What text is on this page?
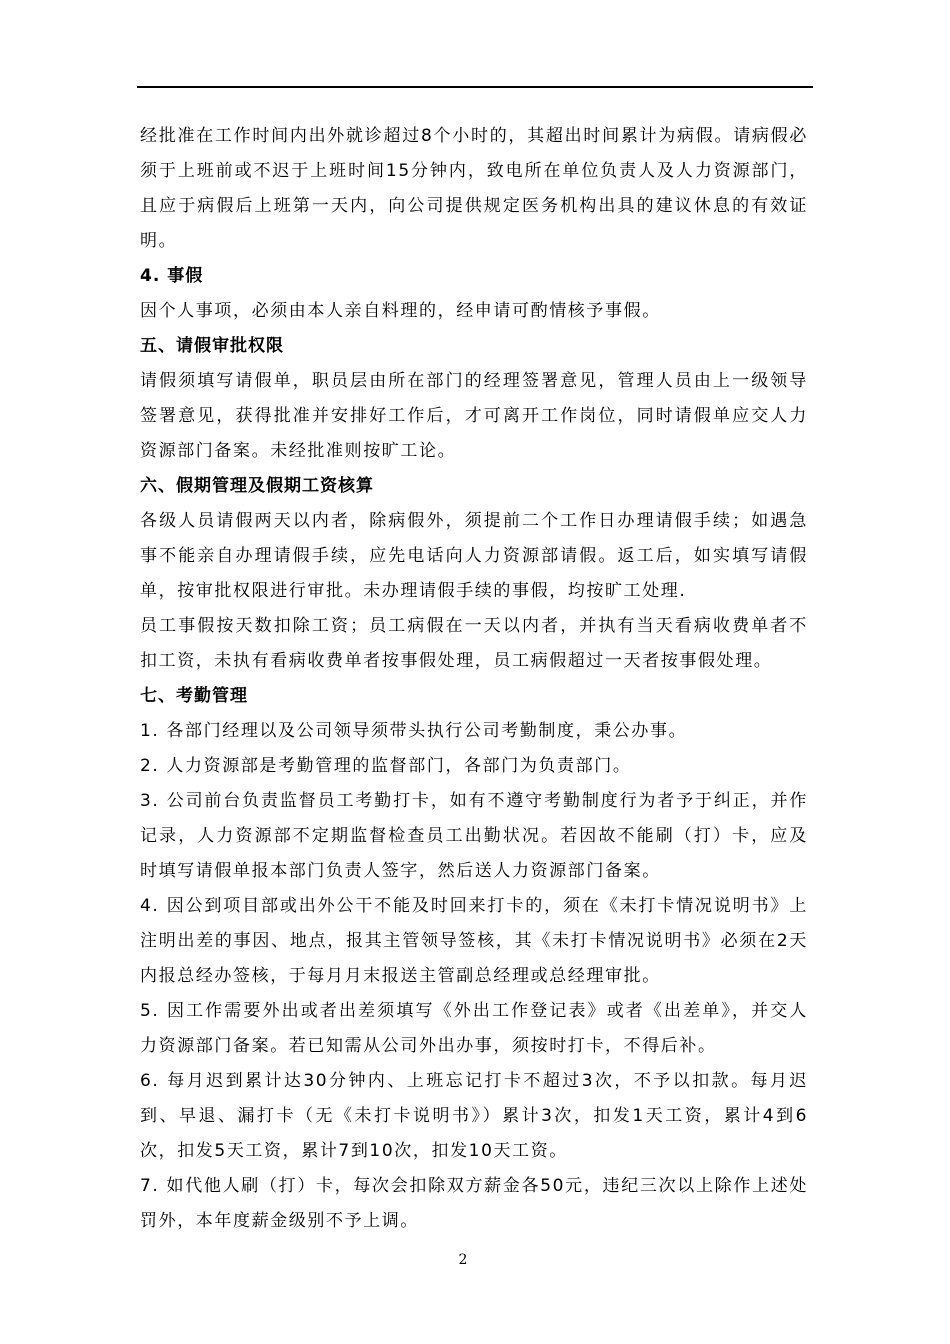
经批准在工作时间内出外就诊超过8个小时的，其超出时间累计为病假。请病假必须于上班前或不迟于上班时间15分钟内，致电所在单位负责人及人力资源部门，且应于病假后上班第一天内，向公司提供规定医务机构出具的建议休息的有效证明。
4. 事假
因个人事项，必须由本人亲自料理的，经申请可酌情核予事假。
五、请假审批权限
请假须填写请假单，职员层由所在部门的经理签署意见，管理人员由上一级领导签署意见，获得批准并安排好工作后，才可离开工作岗位，同时请假单应交人力资源部门备案。未经批准则按旷工论。
六、假期管理及假期工资核算
各级人员请假两天以内者，除病假外，须提前二个工作日办理请假手续；如遇急事不能亲自办理请假手续，应先电话向人力资源部请假。返工后，如实填写请假单，按审批权限进行审批。未办理请假手续的事假，均按旷工处理.
员工事假按天数扣除工资；员工病假在一天以内者，并执有当天看病收费单者不扣工资，未执有看病收费单者按事假处理，员工病假超过一天者按事假处理。
七、考勤管理
1. 各部门经理以及公司领导须带头执行公司考勤制度，秉公办事。
2. 人力资源部是考勤管理的监督部门，各部门为负责部门。
3. 公司前台负责监督员工考勤打卡，如有不遵守考勤制度行为者予于纠正，并作记录，人力资源部不定期监督检查员工出勤状况。若因故不能刷（打）卡，应及时填写请假单报本部门负责人签字，然后送人力资源部门备案。
4. 因公到项目部或出外公干不能及时回来打卡的，须在《未打卡情况说明书》上注明出差的事因、地点，报其主管领导签核，其《未打卡情况说明书》必须在2天内报总经办签核，于每月月末报送主管副总经理或总经理审批。
5. 因工作需要外出或者出差须填写《外出工作登记表》或者《出差单》，并交人力资源部门备案。若已知需从公司外出办事，须按时打卡，不得后补。
6. 每月迟到累计达30分钟内、上班忘记打卡不超过3次，不予以扣款。每月迟到、早退、漏打卡（无《未打卡说明书》）累计3次，扣发1天工资，累计4到6次，扣发5天工资，累计7到10次，扣发10天工资。
7. 如代他人刷（打）卡，每次会扣除双方薪金各50元，违纪三次以上除作上述处罚外，本年度薪金级别不予上调。
2
